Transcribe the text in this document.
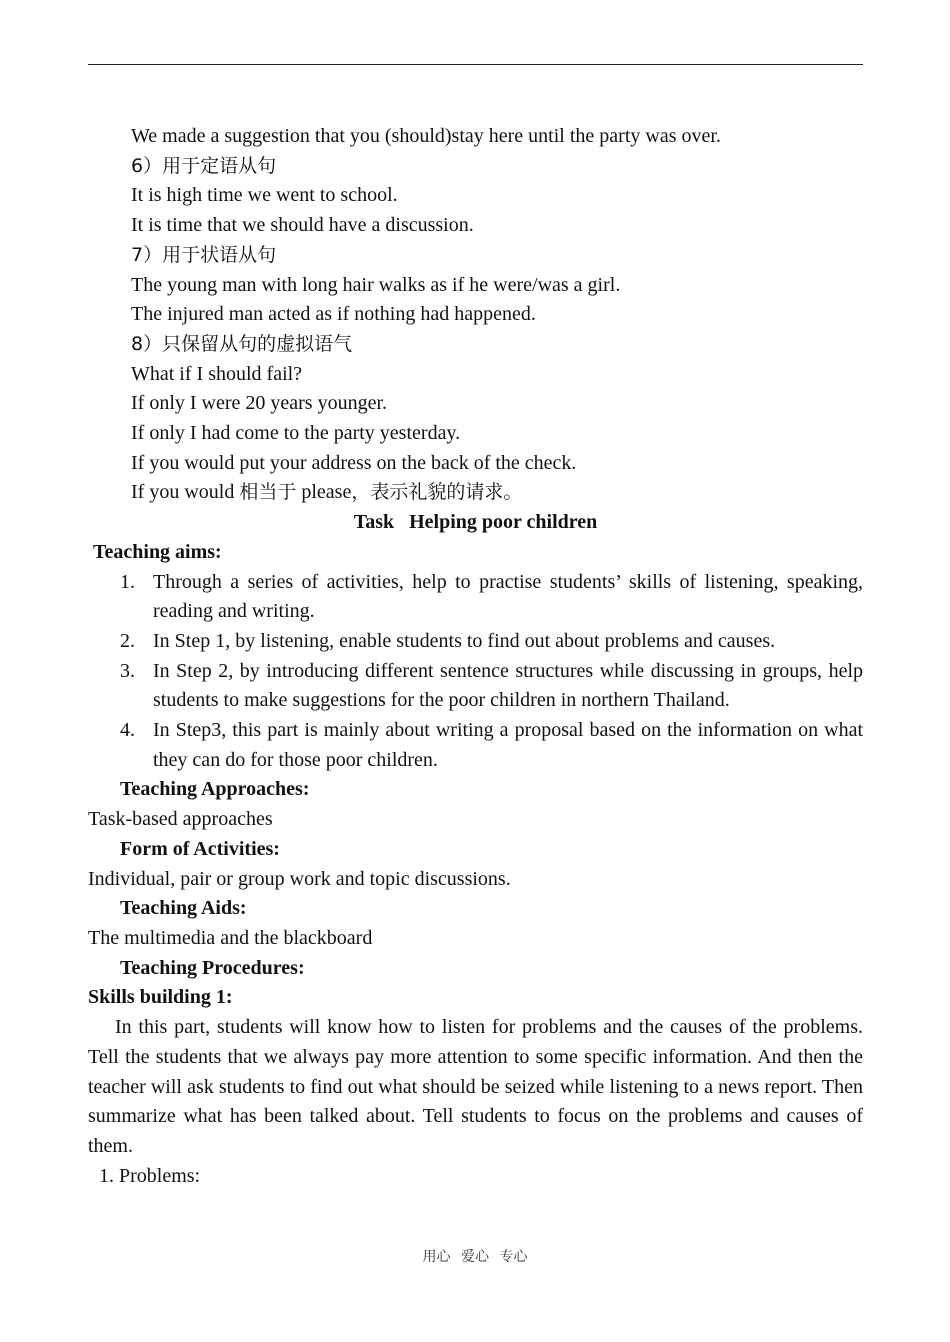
We made a suggestion that you (should)stay here until the party was over.
6）用于定语从句
It is high time we went to school.
It is time that we should have a discussion.
7）用于状语从句
The young man with long hair walks as if he were/was a girl.
The injured man acted as if nothing had happened.
8）只保留从句的虚拟语气
What if I should fail?
If only I were 20 years younger.
If only I had come to the party yesterday.
If you would put your address on the back of the check.
If you would 相当于 please，表示礼貌的请求。
Task   Helping poor children
Teaching aims:
1. Through a series of activities, help to practise students’ skills of listening, speaking, reading and writing.
2. In Step 1, by listening, enable students to find out about problems and causes.
3. In Step 2, by introducing different sentence structures while discussing in groups, help students to make suggestions for the poor children in northern Thailand.
4. In Step3, this part is mainly about writing a proposal based on the information on what they can do for those poor children.
Teaching Approaches:
Task-based approaches
Form of Activities:
Individual, pair or group work and topic discussions.
Teaching Aids:
The multimedia and the blackboard
Teaching Procedures:
Skills building 1:
In this part, students will know how to listen for problems and the causes of the problems. Tell the students that we always pay more attention to some specific information. And then the teacher will ask students to find out what should be seized while listening to a news report. Then summarize what has been talked about. Tell students to focus on the problems and causes of them.
1. Problems:
用心 爱心 专心
